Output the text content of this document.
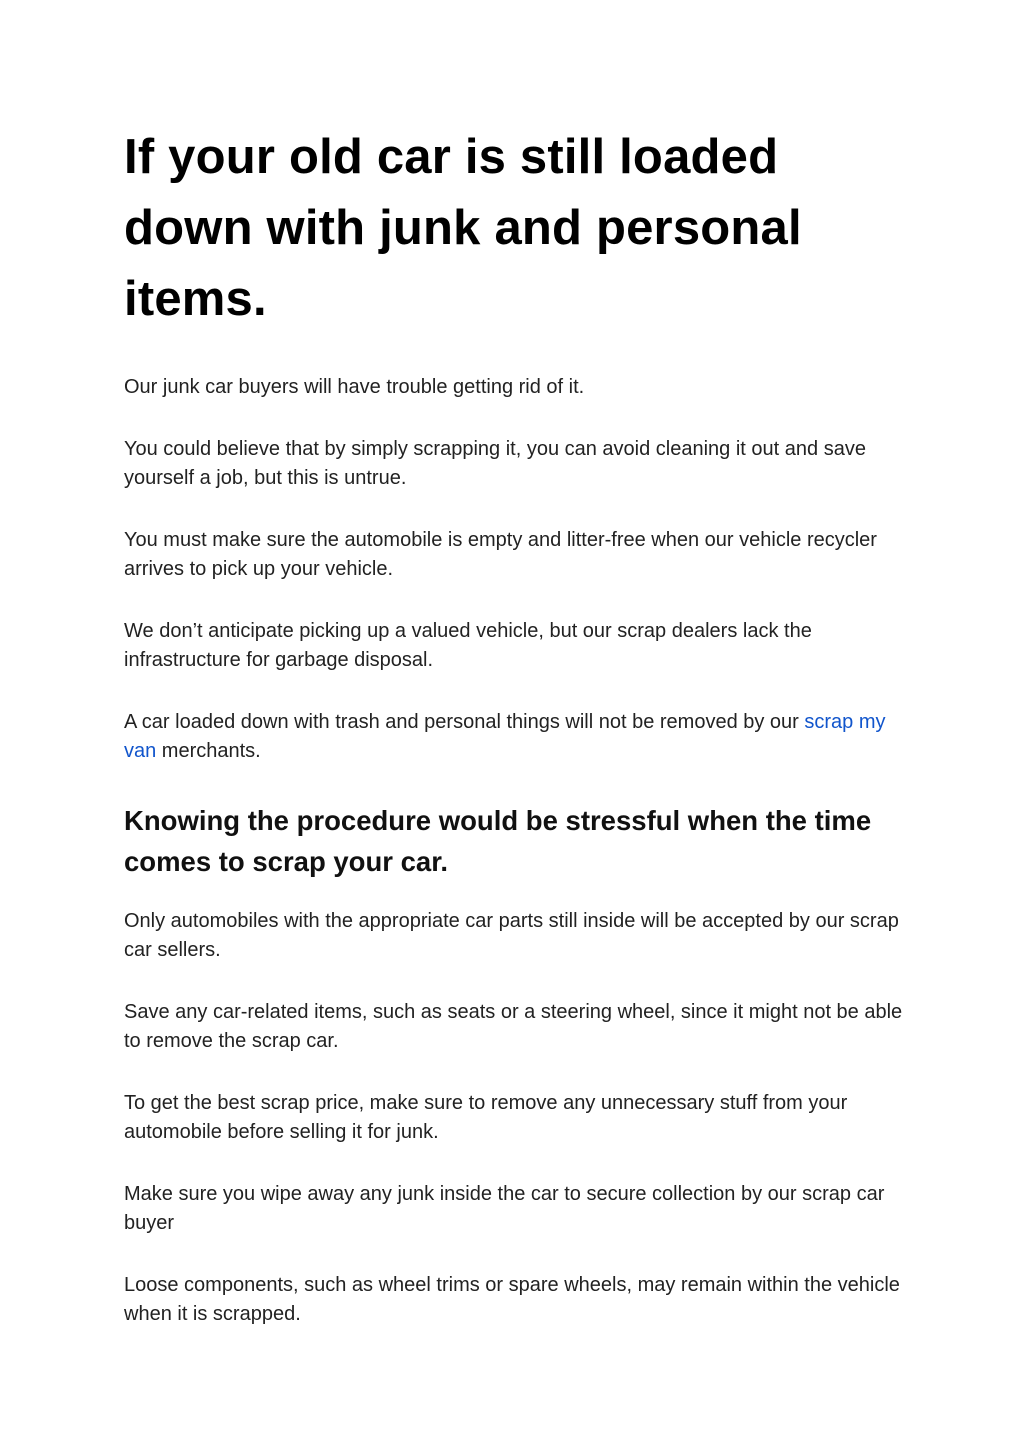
If your old car is still loaded down with junk and personal items.

Our junk car buyers will have trouble getting rid of it.

You could believe that by simply scrapping it, you can avoid cleaning it out and save yourself a job, but this is untrue.

You must make sure the automobile is empty and litter-free when our vehicle recycler arrives to pick up your vehicle.

We don’t anticipate picking up a valued vehicle, but our scrap dealers lack the infrastructure for garbage disposal.

A car loaded down with trash and personal things will not be removed by our scrap my van merchants.

Knowing the procedure would be stressful when the time comes to scrap your car.

Only automobiles with the appropriate car parts still inside will be accepted by our scrap car sellers.

Save any car-related items, such as seats or a steering wheel, since it might not be able to remove the scrap car.

To get the best scrap price, make sure to remove any unnecessary stuff from your automobile before selling it for junk.

Make sure you wipe away any junk inside the car to secure collection by our scrap car buyer

Loose components, such as wheel trims or spare wheels, may remain within the vehicle when it is scrapped.
